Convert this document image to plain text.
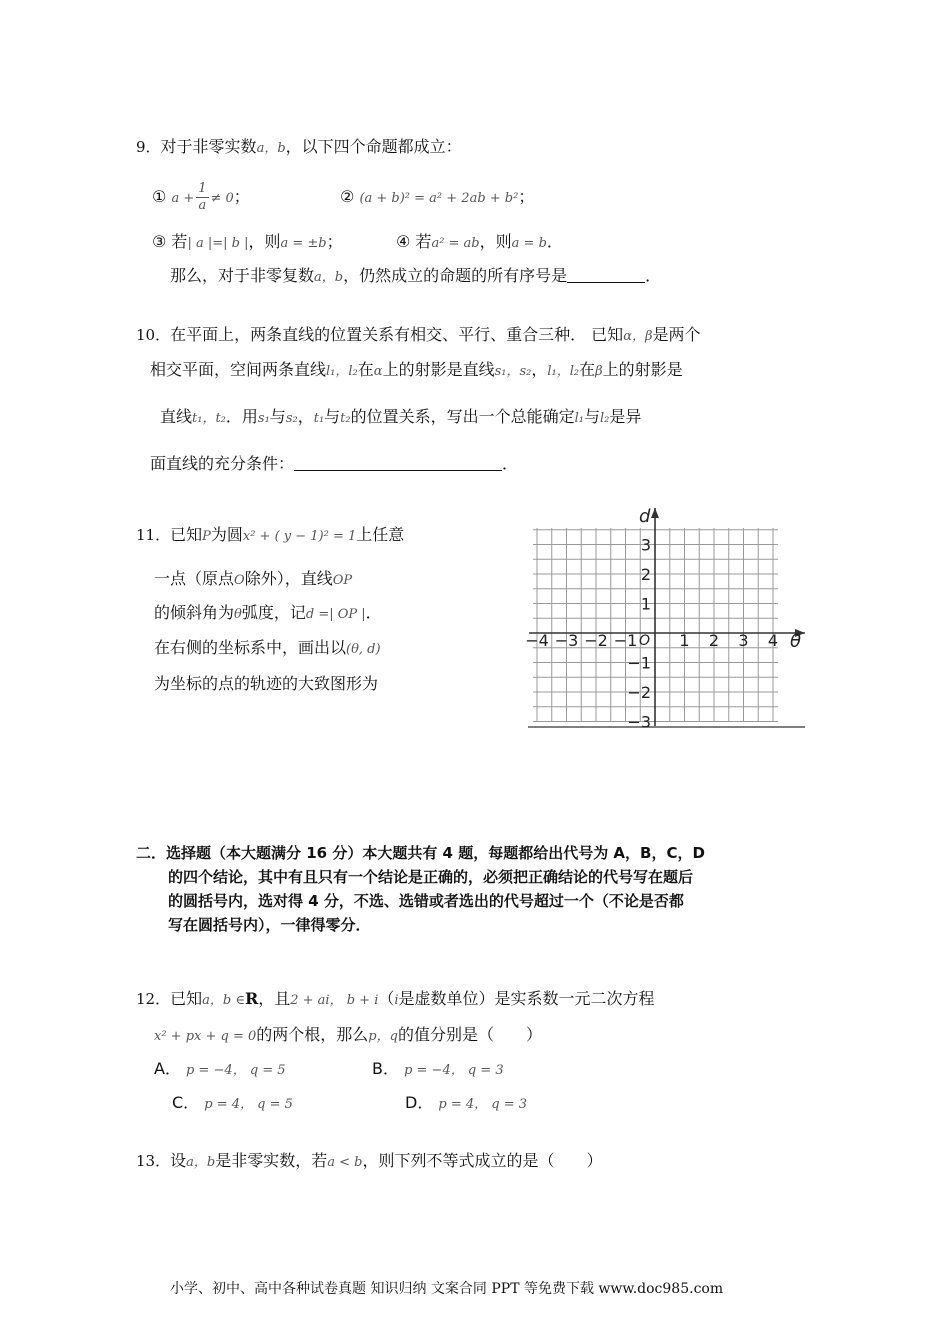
9．对于非零实数a，b，以下四个命题都成立：
① $a + \frac{1}{a} \ne 0$；	② (a + b)² = a² + 2ab + b²；
③ 若| a |=| b |，则a = ±b；	④ 若a² = ab，则a = b．
那么，对于非零复数a，b，仍然成立的命题的所有序号是	．
10．在平面上，两条直线的位置关系有相交、平行、重合三种． 已知α，β是两个
相交平面，空间两条直线l₁，l₂在α上的射影是直线s₁，s₂，l₁，l₂在β上的射影是
直线t₁，t₂．用s₁与s₂，t₁与t₂的位置关系，写出一个总能确定l₁与l₂是异
面直线的充分条件：	．
11．已知P为圆x² + ( y − 1)² = 1上任意
一点（原点O除外），直线OP
的倾斜角为θ弧度，记d =| OP |．
在右侧的坐标系中，画出以(θ, d)
为坐标的点的轨迹的大致图形为
−4 −3 −2 −1	1 2 3 4
3
2
1
−1
−2
−3
d
θ
O
二．选择题（本大题满分 16 分）本大题共有 4 题，每题都给出代号为 A，B，C，D
的四个结论，其中有且只有一个结论是正确的，必须把正确结论的代号写在题后
的圆括号内，选对得 4 分，不选、选错或者选出的代号超过一个（不论是否都
写在圆括号内），一律得零分．
12．已知a，b ∈R，且2 + ai， b + i（i是虚数单位）是实系数一元二次方程
x² + px + q = 0的两个根，那么p，q的值分别是（　　）
A． p = −4， q = 5	B． p = −4， q = 3
C． p = 4， q = 5	D． p = 4， q = 3
13．设a，b是非零实数，若a < b，则下列不等式成立的是（　　）
小学、初中、高中各种试卷真题 知识归纳 文案合同 PPT 等免费下载 www.doc985.com
